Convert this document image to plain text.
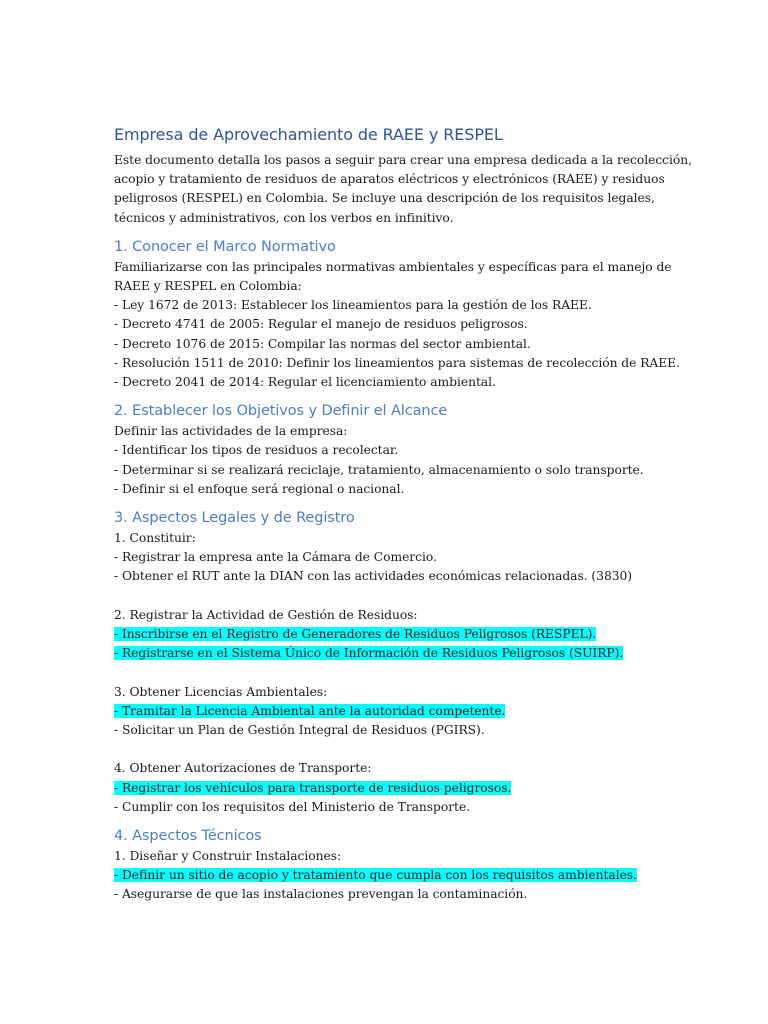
Empresa de Aprovechamiento de RAEE y RESPEL

Este documento detalla los pasos a seguir para crear una empresa dedicada a la recolección,

acopio y tratamiento de residuos de aparatos eléctricos y electrónicos (RAEE) y residuos

peligrosos (RESPEL) en Colombia. Se incluye una descripción de los requisitos legales,

técnicos y administrativos, con los verbos en infinitivo.

1. Conocer el Marco Normativo

Familiarizarse con las principales normativas ambientales y específicas para el manejo de

RAEE y RESPEL en Colombia:

- Ley 1672 de 2013: Establecer los lineamientos para la gestión de los RAEE.

- Decreto 4741 de 2005: Regular el manejo de residuos peligrosos.

- Decreto 1076 de 2015: Compilar las normas del sector ambiental.

- Resolución 1511 de 2010: Definir los lineamientos para sistemas de recolección de RAEE.

- Decreto 2041 de 2014: Regular el licenciamiento ambiental.

2. Establecer los Objetivos y Definir el Alcance

Definir las actividades de la empresa:

- Identificar los tipos de residuos a recolectar.

- Determinar si se realizará reciclaje, tratamiento, almacenamiento o solo transporte.

- Definir si el enfoque será regional o nacional.

3. Aspectos Legales y de Registro

1. Constituir:

- Registrar la empresa ante la Cámara de Comercio.

- Obtener el RUT ante la DIAN con las actividades económicas relacionadas. (3830)

2. Registrar la Actividad de Gestión de Residuos:

- Inscribirse en el Registro de Generadores de Residuos Peligrosos (RESPEL).

- Registrarse en el Sistema Único de Información de Residuos Peligrosos (SUIRP).

3. Obtener Licencias Ambientales:

- Tramitar la Licencia Ambiental ante la autoridad competente.

- Solicitar un Plan de Gestión Integral de Residuos (PGIRS).

4. Obtener Autorizaciones de Transporte:

- Registrar los vehículos para transporte de residuos peligrosos.

- Cumplir con los requisitos del Ministerio de Transporte.

4. Aspectos Técnicos

1. Diseñar y Construir Instalaciones:

- Definir un sitio de acopio y tratamiento que cumpla con los requisitos ambientales.

- Asegurarse de que las instalaciones prevengan la contaminación.
